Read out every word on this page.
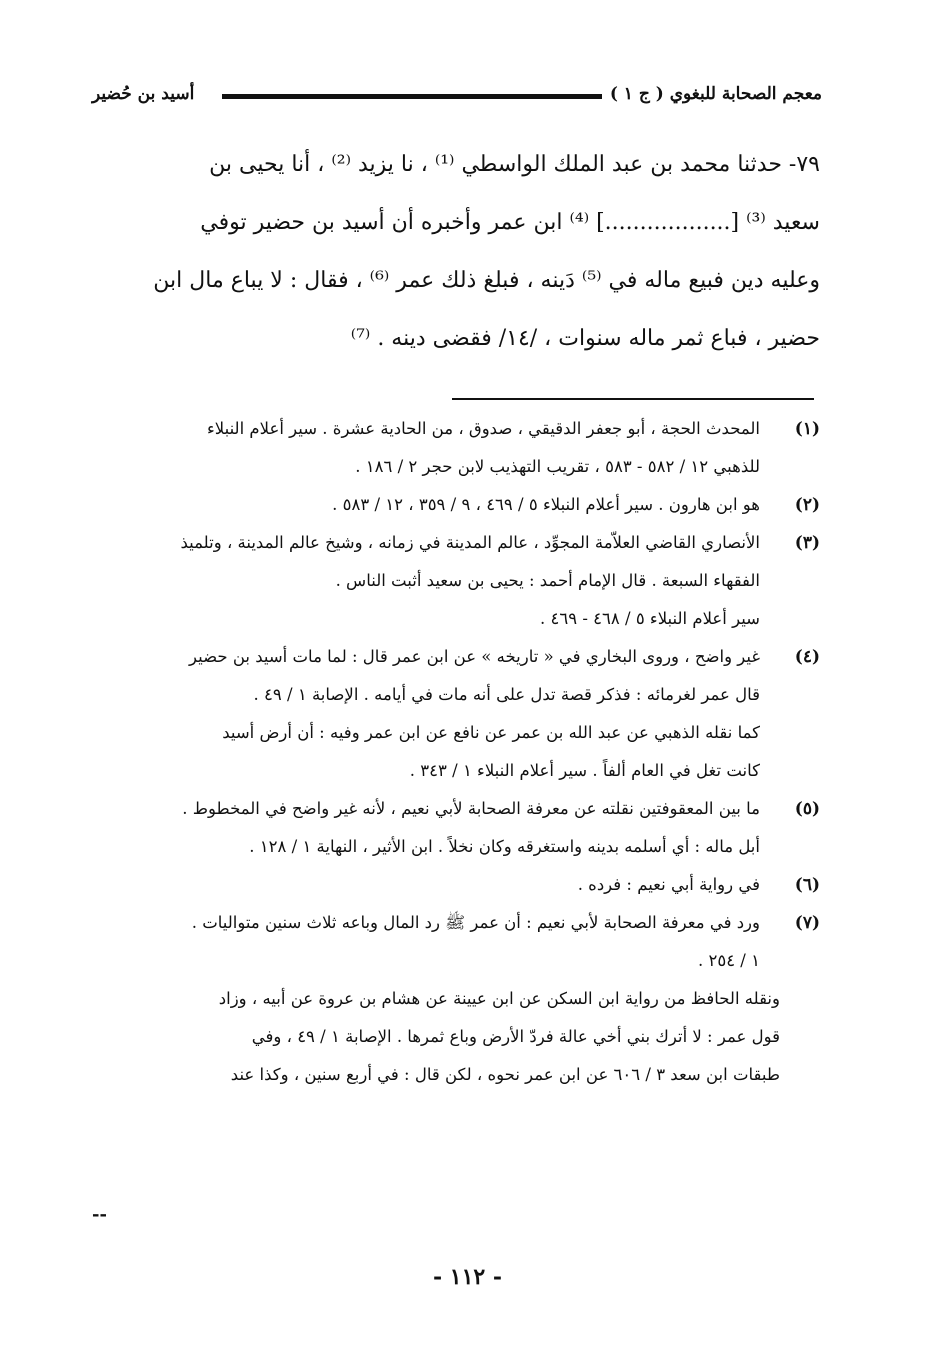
معجم الصحابة للبغوي ( ج ١ )
أسيد بن حُضير

٧٩- حدثنا محمد بن عبد الملك الواسطي ⁽¹⁾ ، نا يزيد ⁽²⁾ ، أنا يحيى بن

سعيد ⁽³⁾ [..................] ⁽⁴⁾ ابن عمر وأخبره أن أسيد بن حضير توفي

وعليه دين فبيع ماله في ⁽⁵⁾ دَينه ، فبلغ ذلك عمر ⁽⁶⁾ ، فقال : لا يباع مال ابن

حضير ، فباع ثمر ماله سنوات ، /١٤/ فقضى دينه . ⁽⁷⁾

(١)

المحدث الحجة ، أبو جعفر الدقيقي ، صدوق ، من الحادية عشرة . سير أعلام النبلاء

للذهبي ١٢ / ٥٨٢ - ٥٨٣ ، تقريب التهذيب لابن حجر ٢ / ١٨٦ .

(٢)

هو ابن هارون . سير أعلام النبلاء ٥ / ٤٦٩ ، ٩ / ٣٥٩ ، ١٢ / ٥٨٣ .

(٣)

الأنصاري القاضي العلاّمة المجوِّد ، عالم المدينة في زمانه ، وشيخ عالم المدينة ، وتلميذ

الفقهاء السبعة . قال الإمام أحمد : يحيى بن سعيد أثبت الناس .

سير أعلام النبلاء ٥ / ٤٦٨ - ٤٦٩ .

(٤)

غير واضح ، وروى البخاري في « تاريخه » عن ابن عمر قال : لما مات أسيد بن حضير

قال عمر لغرمائه : فذكر قصة تدل على أنه مات في أيامه . الإصابة ١ / ٤٩ .

كما نقله الذهبي عن عبد الله بن عمر عن نافع عن ابن عمر وفيه : أن أرض أسيد

كانت تغل في العام ألفاً . سير أعلام النبلاء ١ / ٣٤٣ .

(٥)

ما بين المعقوفتين نقلته عن معرفة الصحابة لأبي نعيم ، لأنه غير واضح في المخطوط .

أبل ماله : أي أسلمه بدينه واستغرقه وكان نخلاً . ابن الأثير ، النهاية ١ / ١٢٨ .

(٦)

في رواية أبي نعيم : فرده .

(٧)

ورد في معرفة الصحابة لأبي نعيم : أن عمر ﷺ رد المال وباعه ثلاث سنين متواليات .

١ / ٢٥٤ .

ونقله الحافظ من رواية ابن السكن عن ابن عيينة عن هشام بن عروة عن أبيه ، وزاد

قول عمر : لا أترك بني أخي عالة فردّ الأرض وباع ثمرها . الإصابة ١ / ٤٩ ، وفي

طبقات ابن سعد ٣ / ٦٠٦ عن ابن عمر نحوه ، لكن قال : في أربع سنين ، وكذا عند

--
- ١١٢ -
